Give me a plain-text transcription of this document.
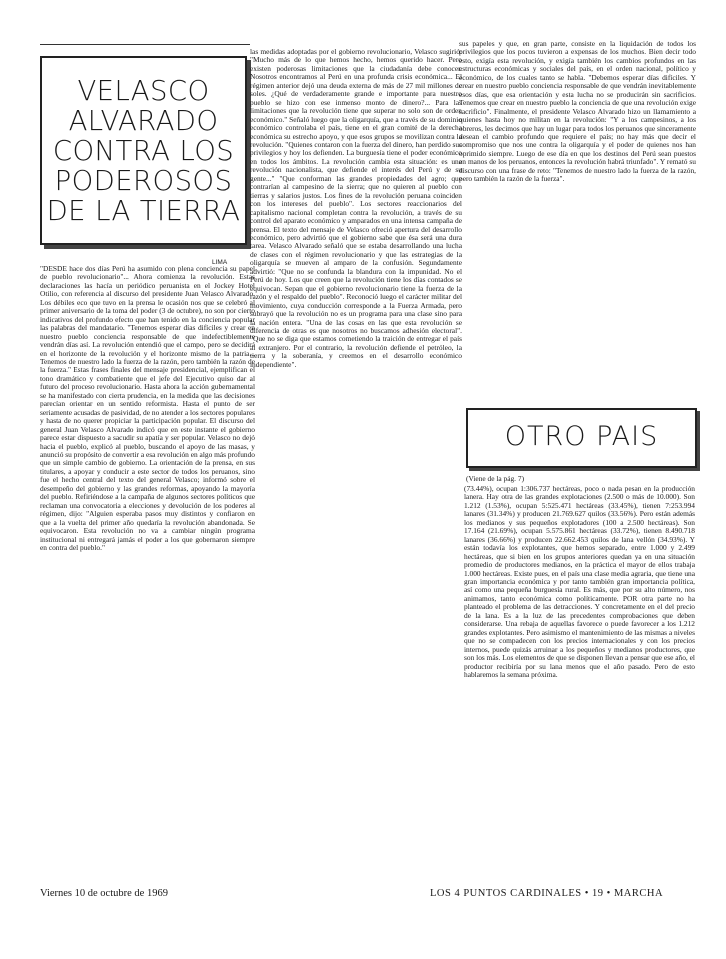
VELASCO ALVARADO CONTRA LOS PODEROSOS DE LA TIERRA
LIMA

"DESDE hace dos días Perú ha asumido con plena conciencia su papel de pueblo revolucionario"... Ahora comienza la revolución. Estas declaraciones las hacía un periódico peruanista en el Jockey Hotel Otilio, con referencia al discurso del presidente Juan Velasco Alvarado. Los débiles eco que tuvo en la prensa le ocasión nos que se celebró al primer aniversario de la toma del poder (3 de octubre), no son por cierto indicativos del profundo efecto que han tenido en la conciencia popular las palabras del mandatario. "Tenemos esperar días difíciles y crear en nuestro pueblo conciencia responsable de que indefectiblemente vendrán días así. La revolución entendió que el campo, pero se decidirá en el horizonte de la revolución y el horizonte mismo de la patria... Tenemos de nuestro lado la fuerza de la razón, pero también la razón de la fuerza." Estas frases finales del mensaje presidencial, ejemplifican el tono dramático y combatiente que el jefe del Ejecutivo quiso dar al futuro del proceso revolucionario. Hasta ahora la acción gubernamental se ha manifestado con cierta prudencia, en la medida que las decisiones parecían orientar en un sentido reformista. Hasta el punto de ser seriamente acusadas de pasividad, de no atender a los sectores populares y hasta de no querer propiciar la participación popular. El discurso del general Juan Velasco Alvarado indicó que en este instante el gobierno parece estar dispuesto a sacudir su apatía y ser popular. Velasco no dejó hacia el pueblo, explicó al pueblo, buscando el apoyo de las masas, y anunció su propósito de convertir a esa revolución en algo más profundo que un simple cambio de gobierno. La orientación de la prensa, en sus titulares, a apoyar y conducir a este sector de todos los peruanos, sino fue el hecho central del texto del general Velasco; informó sobre el desempeño del gobierno y las grandes reformas, apoyando la mayoría del pueblo. Refiriéndose a la campaña de algunos sectores políticos que reclaman una convocatoria a elecciones y devolución de los poderes al régimen, dijo: "Alguien esperaba pasos muy distintos y confiaron en que a la vuelta del primer año quedaría la revolución abandonada. Se equivocaron. Esta revolución no va a cambiar ningún programa institucional ni entregará jamás el poder a los que gobernaron siempre en contra del pueblo."

las medidas adoptadas por el gobierno revolucionario, Velasco sugirió: "Mucho más de lo que hemos hecho, hemos querido hacer. Pero existen poderosas limitaciones que la ciudadanía debe conocer. Nosotros encontramos al Perú en una profunda crisis económica... El régimen anterior dejó una deuda externa de más de 27 mil millones de soles. ¿Qué de verdaderamente grande e importante para nuestro pueblo se hizo con ese inmenso monto de dinero?... Para las limitaciones que la revolución tiene que superar no solo son de orden económico." Señaló luego que la oligarquía, que a través de su dominio económico controlaba el país, tiene en el gran comité de la derecha económica su estrecho apoyo, y que esos grupos se movilizan contra la revolución. "Quienes contaron con la fuerza del dinero, han perdido sus privilegios y hoy los defienden. La burguesía tiene el poder económico en todos los ámbitos. La revolución cambia esta situación: es una revolución nacionalista, que defiende el interés del Perú y de su gente..." "Que conforman las grandes propiedades del agro; que contrarían al campesino de la sierra; que no quieren al pueblo con tierras y salarios justos. Los fines de la revolución peruana coinciden con los intereses del pueblo". Los sectores reaccionarios del capitalismo nacional completan contra la revolución, a través de su control del aparato económico y amparados en una intensa campaña de prensa. El texto del mensaje de Velasco ofreció apertura del desarrollo económico, pero advirtió que el gobierno sabe que ésa será una dura tarea. Velasco Alvarado señaló que se estaba desarrollando una lucha de clases con el régimen revolucionario y que las estrategias de la oligarquía se mueven al amparo de la confusión. Segundamente advirtió: "Que no se confunda la blandura con la impunidad. No el Perú de hoy. Los que creen que la revolución tiene los días contados se equivocan. Sepan que el gobierno revolucionario tiene la fuerza de la razón y el respaldo del pueblo". Reconoció luego el carácter militar del movimiento, cuya conducción corresponde a la Fuerza Armada, pero subrayó que la revolución no es un programa para una clase sino para la nación entera. "Una de las cosas en las que esta revolución se diferencia de otras es que nosotros no buscamos adhesión electoral". "Que no se diga que estamos cometiendo la traición de entregar el país al extranjero. Por el contrario, la revolución defiende el petróleo, la tierra y la soberanía, y creemos en el desarrollo económico independiente".

sus papeles y que, en gran parte, consiste en la liquidación de todos los privilegios que los pocos tuvieron a expensas de los muchos. Bien decir todo esto, exigía esta revolución, y exigía también los cambios profundos en las estructuras económicas y sociales del país, en el orden nacional, político y económico, de los cuales tanto se habla. "Debemos esperar días difíciles. Y crear en nuestro pueblo conciencia responsable de que vendrán inevitablemente esos días, que esa orientación y esta lucha no se producirán sin sacrificios. Tenemos que crear en nuestro pueblo la conciencia de que una revolución exige sacrificio". Finalmente, el presidente Velasco Alvarado hizo un llamamiento a quienes hasta hoy no militan en la revolución: "Y a los campesinos, a los obreros, les decimos que hay un lugar para todos los peruanos que sinceramente desean el cambio profundo que requiere el país; no hay más que decir el compromiso que nos une contra la oligarquía y el poder de quienes nos han oprimido siempre. Luego de ese día en que los destinos del Perú sean puestos en manos de los peruanos, entonces la revolución habrá triunfado". Y remató su discurso con una frase de reto: "Tenemos de nuestro lado la fuerza de la razón, pero también la razón de la fuerza".

OTRO PAIS
(Viene de la pág. 7)

(73.44%), ocupan 1:306.737 hectáreas, poco o nada pesan en la producción lanera. Hay otra de las grandes explotaciones (2.500 o más de 10.000). Son 1.212 (1.53%), ocupan 5:525.471 hectáreas (33.45%), tienen 7:253.994 lanares (31.34%) y producen 21.769.627 quilos (33.56%). Pero están además los medianos y sus pequeños explotadores (100 a 2.500 hectáreas). Son 17.164 (21.69%), ocupan 5.575.861 hectáreas (33.72%), tienen 8.490.718 lanares (36.66%) y producen 22.662.453 quilos de lana vellón (34.93%). Y están todavía los explotantes, que hemos separado, entre 1.000 y 2.499 hectáreas, que si bien en los grupos anteriores quedan ya en una situación promedio de productores medianos, en la práctica el mayor de ellos trabaja 1.000 hectáreas. Existe pues, en el país una clase media agraria, que tiene una gran importancia económica y por tanto también gran importancia política, así como una pequeña burguesía rural. Es más, que por su alto número, nos animamos, tanto económica como políticamente. POR otra parte no ha planteado el problema de las detracciones. Y concretamente en el del precio de la lana. Es a la luz de las precedentes comprobaciones que deben considerarse. Una rebaja de aquellas favorece o puede favorecer a los 1.212 grandes explotantes. Pero asimismo el mantenimiento de las mismas a niveles que no se compadecen con los precios internacionales y con los precios internos, puede quizás arruinar a los pequeños y medianos productores, que son los más. Los elementos de que se disponen llevan a pensar que ese año, el productor recibiría por su lana menos que el año pasado. Pero de esto hablaremos la semana próxima.

Viernes 10 de octubre de 1969	LOS 4 PUNTOS CARDINALES • 19 • MARCHA
